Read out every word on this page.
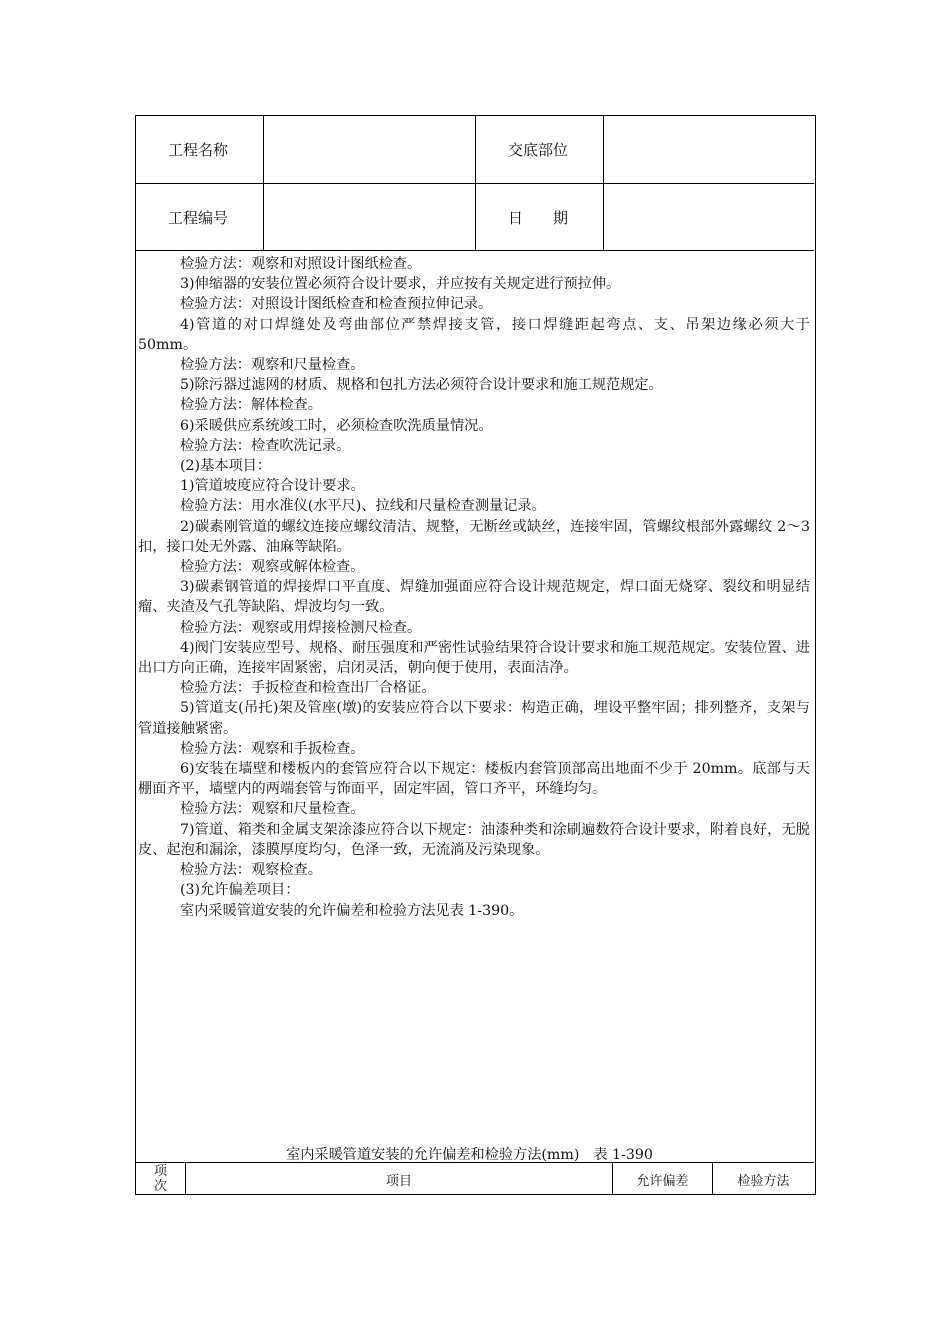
工程名称	交底部位
工程编号	日　　期

检验方法：观察和对照设计图纸检查。

3)伸缩器的安装位置必须符合设计要求，并应按有关规定进行预拉伸。

检验方法：对照设计图纸检查和检查预拉伸记录。

4)管道的对口焊缝处及弯曲部位严禁焊接支管，接口焊缝距起弯点、支、吊架边缘必须大于 50mm。

检验方法：观察和尺量检查。

5)除污器过滤网的材质、规格和包扎方法必须符合设计要求和施工规范规定。

检验方法：解体检查。

6)采暖供应系统竣工时，必须检查吹洗质量情况。

检验方法：检查吹洗记录。

(2)基本项目：

1)管道坡度应符合设计要求。

检验方法：用水准仪(水平尺)、拉线和尺量检查测量记录。

2)碳素刚管道的螺纹连接应螺纹清洁、规整，无断丝或缺丝，连接牢固，管螺纹根部外露螺纹 2～3 扣，接口处无外露、油麻等缺陷。

检验方法：观察或解体检查。

3)碳素钢管道的焊接焊口平直度、焊缝加强面应符合设计规范规定，焊口面无烧穿、裂纹和明显结瘤、夹渣及气孔等缺陷、焊波均匀一致。

检验方法：观察或用焊接检测尺检查。

4)阀门安装应型号、规格、耐压强度和严密性试验结果符合设计要求和施工规范规定。安装位置、进出口方向正确，连接牢固紧密，启闭灵活，朝向便于使用，表面洁净。

检验方法：手扳检查和检查出厂合格证。

5)管道支(吊托)架及管座(墩)的安装应符合以下要求：构造正确，埋设平整牢固；排列整齐，支架与管道接触紧密。

检验方法：观察和手扳检查。

6)安装在墙壁和楼板内的套管应符合以下规定：楼板内套管顶部高出地面不少于 20mm。底部与天棚面齐平，墙壁内的两端套管与饰面平，固定牢固，管口齐平，环缝均匀。

检验方法：观察和尺量检查。

7)管道、箱类和金属支架涂漆应符合以下规定：油漆种类和涂刷遍数符合设计要求，附着良好，无脱皮、起泡和漏涂，漆膜厚度均匀，色泽一致，无流淌及污染现象。

检验方法：观察检查。

(3)允许偏差项目：

室内采暖管道安装的允许偏差和检验方法见表 1-390。

室内采暖管道安装的允许偏差和检验方法(mm) 表 1-390
项
次	项目	允许偏差	检验方法
